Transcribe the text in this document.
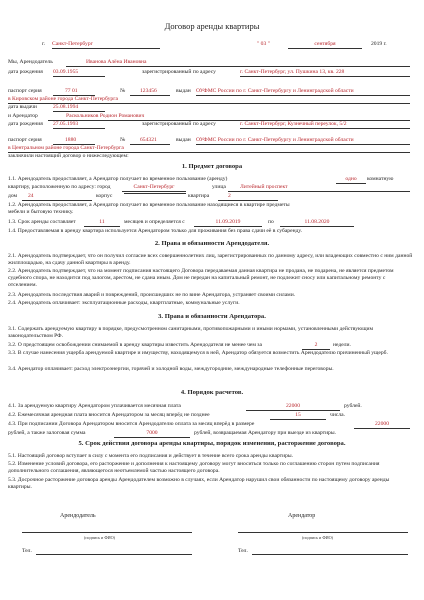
Договор аренды квартиры
г. Санкт-Петербург	" 03 "	сентября	2019 г.
Мы, Арендодатель	Иванова Алёна Ивановна
дата рождения 03.09.1955	зарегистрированный по адресу	г. Санкт-Петербург, ул. Пушкина 13, кв. 228
паспорт серия	77 01	№	123456	выдан ОУФМС России по г. Санкт-Петербургу и Ленинградской области
в Кировском районе города Санкт-Петербурга
дата выдачи	25.08.1994
и Арендатор	Раскольников Родион Романович
дата рождения 27.05.1993	зарегистрированный по адресу	г. Санкт-Петербург, Кузнечный переулок, 5/2
паспорт серия	1880	№	654321	выдан ОУФМС России по г. Санкт-Петербургу и Ленинградской области
в Центральном районе города Санкт-Петербурга
заключили настоящий договор о нижеследующем:
1. Предмет договора
1.1. Арендодатель предоставляет, а Арендатор получает во временное пользование (аренду)	одно	комнатную
квартиру, расположенную по адресу: город	Санкт-Петербург	улица	Литейный проспект
дом	24	корпус	квартира	2
1.2. Арендодатель предоставляет, а Арендатор получает во временное пользование находящиеся в квартире предметы
мебели и бытовую технику.
1.3. Срок аренды составляет	11	месяцев и определяется с	11.09.2019	по	11.08.2020
1.4. Предоставляемая в аренду квартира используется Арендатором только для проживания без права сдачи её в субаренду.
2. Права и обязанности Арендодателя.
2.1. Арендодатель подтверждает, что он получил согласие всех совершеннолетних лиц, зарегистрированных по данному адресу, или владеющих совместно с ним данной жилплощадью, на сдачу данной квартиры в аренду.
2.2. Арендодатель подтверждает, что на момент подписания настоящего Договора передаваемая данная квартира не продана, не подарена, не является предметом судебного спора, не находится под залогом, арестом, не сдана иным. Дом не передан на капитальный ремонт, не подлежит сносу или капитальному ремонту с отселением.
2.3. Арендодатель последствия аварий и повреждений, происшедших не по вине Арендатора, устраняет своими силами.
2.4. Арендодатель оплачивает: эксплуатационные расходы, квартплатные, коммунальные услуги.
3. Права и обязанности Арендатора.
3.1. Содержать арендуемую квартиру в порядке, предусмотренном санитарными, противопожарными и иными нормами, установленными действующим законодательством РФ.
3.2. О предстоящем освобождении снимаемой в аренду квартиры известить Арендодателя не менее чем за	2	недели.
3.3. В случае нанесения ущерба арендуемой квартире и имуществу, находящемуся в ней, Арендатор обязуется возместить Арендодателю причиненный ущерб.
3.4. Арендатор оплачивает: расход электроэнергии, горячей и холодной воды, междугородние, международные телефонные переговоры.
4. Порядок расчетов.
4.1. За арендуемую квартиру Арендатором уплачивается месячная плата	22000	рублей.
4.2. Ежемесячная арендная плата вносится Арендатором за месяц вперёд не позднее	15	числа.
4.3. При подписании Договора Арендатором вносится Арендодателю оплата за месяц вперёд в размере	22000
рублей, а также залоговая сумма	7000	рублей, возвращаемая Арендатору при выезде из квартиры.
5. Срок действия договора аренды квартиры, порядок изменения, расторжение договора.
5.1. Настоящий договор вступает в силу с момента его подписания и действует в течение всего срока аренды квартиры.
5.2. Изменение условий договора, его расторжение и дополнения к настоящему договору могут вноситься только по соглашению сторон путем подписания дополнительного соглашения, являющегося неотъемлемой частью настоящего договора.
5.3. Досрочное расторжение договора аренды Арендодателем возможно в случаях, если Арендатор нарушил свои обязанности по настоящему договору аренды квартиры.
Арендодатель	Арендатор
(подпись и ФИО)	(подпись и ФИО)
Тел.	Тел.
